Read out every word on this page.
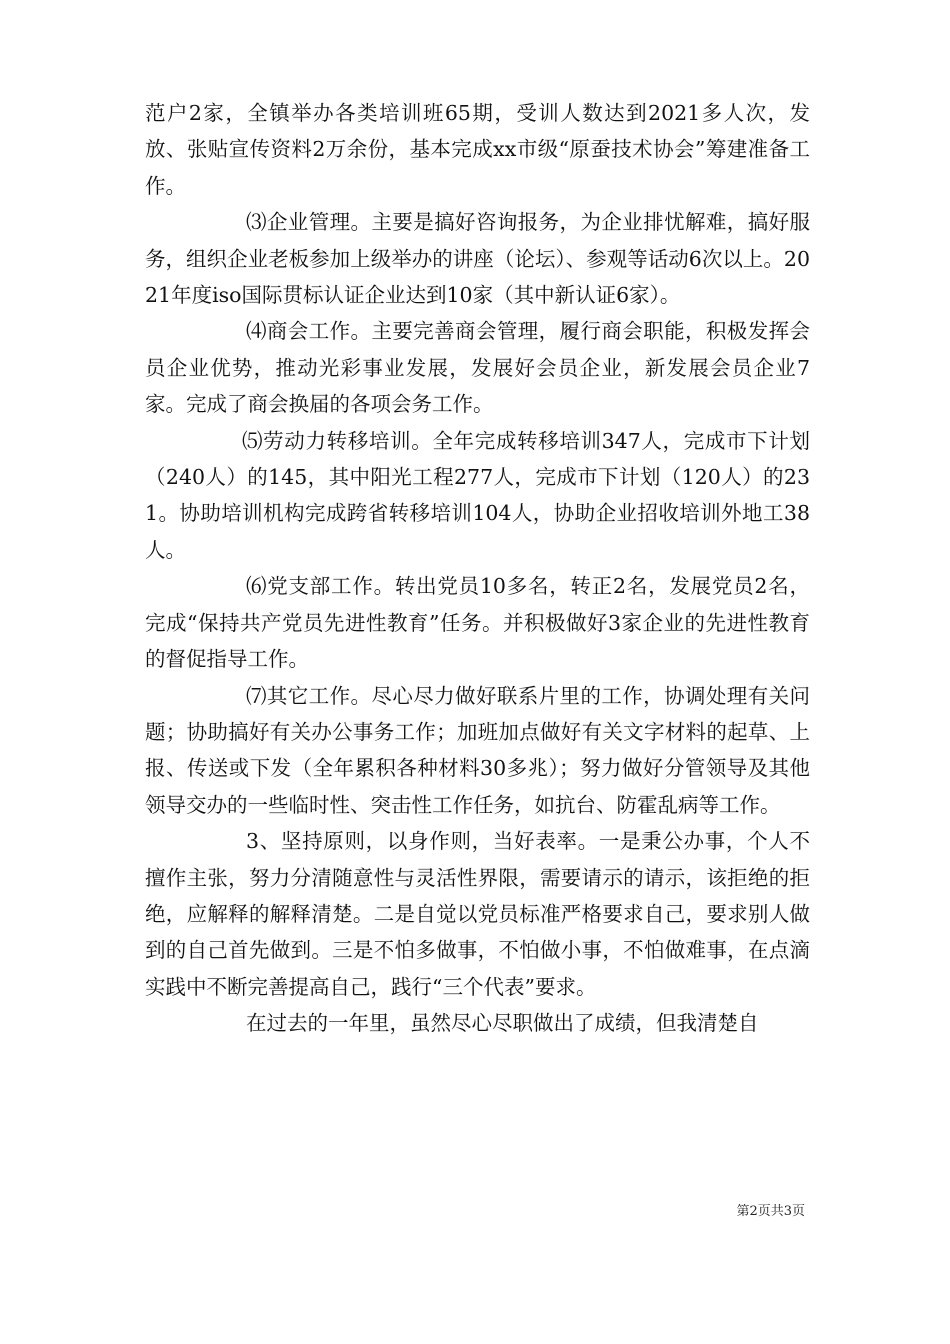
范户2家，全镇举办各类培训班65期，受训人数达到2021多人次，发放、张贴宣传资料2万余份，基本完成xx市级“原蚕技术协会”筹建准备工作。

⑶企业管理。主要是搞好咨询报务，为企业排忧解难，搞好服务，组织企业老板参加上级举办的讲座（论坛）、参观等话动6次以上。2021年度iso国际贯标认证企业达到10家（其中新认证6家）。

⑷商会工作。主要完善商会管理，履行商会职能，积极发挥会员企业优势，推动光彩事业发展，发展好会员企业，新发展会员企业7家。完成了商会换届的各项会务工作。

⑸劳动力转移培训。全年完成转移培训347人，完成市下计划（240人）的145，其中阳光工程277人，完成市下计划（120人）的231。协助培训机构完成跨省转移培训104人，协助企业招收培训外地工38人。

⑹党支部工作。转出党员10多名，转正2名，发展党员2名，完成“保持共产党员先进性教育”任务。并积极做好3家企业的先进性教育的督促指导工作。

⑺其它工作。尽心尽力做好联系片里的工作，协调处理有关问题；协助搞好有关办公事务工作；加班加点做好有关文字材料的起草、上报、传送或下发（全年累积各种材料30多兆）；努力做好分管领导及其他领导交办的一些临时性、突击性工作任务，如抗台、防霍乱病等工作。

3、坚持原则，以身作则，当好表率。一是秉公办事，个人不擅作主张，努力分清随意性与灵活性界限，需要请示的请示，该拒绝的拒绝，应解释的解释清楚。二是自觉以党员标准严格要求自己，要求别人做到的自己首先做到。三是不怕多做事，不怕做小事，不怕做难事，在点滴实践中不断完善提高自己，践行“三个代表”要求。

在过去的一年里，虽然尽心尽职做出了成绩，但我清楚自

第2页共3页
